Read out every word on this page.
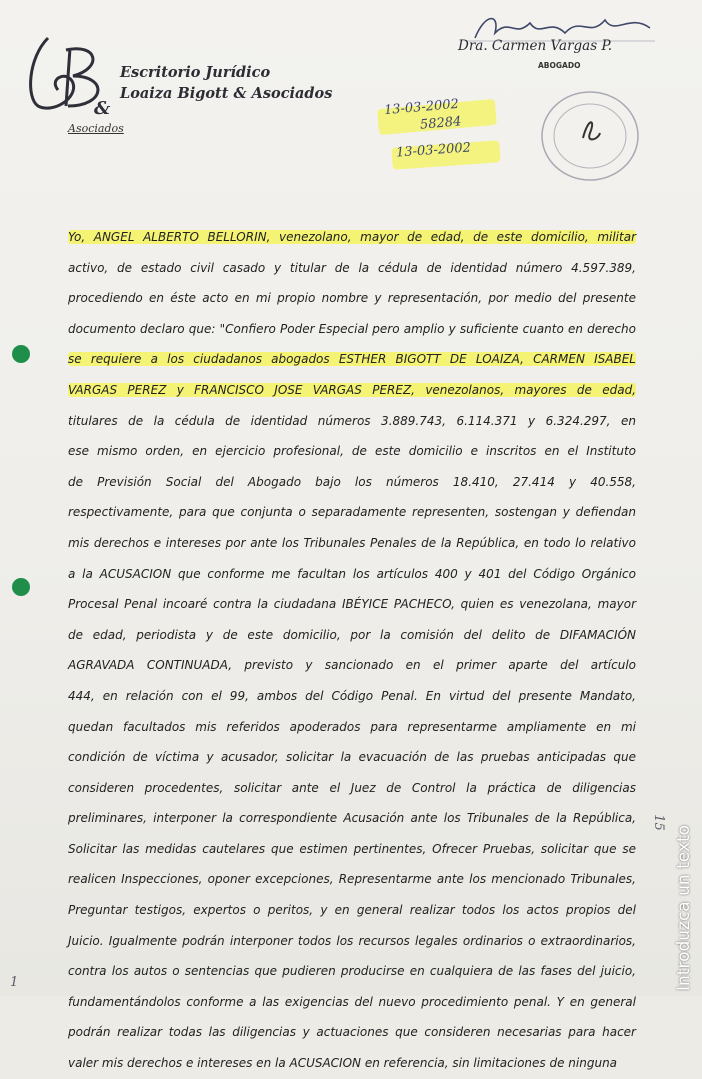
&
Escritorio Jurídico
Loaiza Bigott & Asociados
Asociados
Dra. Carmen Vargas P.
ABOGADO
13-03-2002
58284
13-03-2002
Yo, ANGEL ALBERTO BELLORIN, venezolano, mayor de edad, de este domicilio, militar
activo, de estado civil casado y titular de la cédula de identidad número 4.597.389,
procediendo en éste acto en mi propio nombre y representación, por medio del presente
documento declaro que: "Confiero Poder Especial pero amplio y suficiente cuanto en derecho
se requiere a los ciudadanos abogados ESTHER BIGOTT DE LOAIZA, CARMEN ISABEL
VARGAS PEREZ y FRANCISCO JOSE VARGAS PEREZ, venezolanos, mayores de edad,
titulares de la cédula de identidad números 3.889.743, 6.114.371 y 6.324.297, en
ese mismo orden, en ejercicio profesional, de este domicilio e inscritos en el Instituto
de Previsión Social del Abogado bajo los números 18.410, 27.414 y 40.558,
respectivamente, para que conjunta o separadamente representen, sostengan y defiendan
mis derechos e intereses por ante los Tribunales Penales de la República, en todo lo relativo
a la ACUSACION que conforme me facultan los artículos 400 y 401 del Código Orgánico
Procesal Penal incoaré contra la ciudadana IBÉYICE PACHECO, quien es venezolana, mayor
de edad, periodista y de este domicilio, por la comisión del delito de DIFAMACIÓN
AGRAVADA CONTINUADA, previsto y sancionado en el primer aparte del artículo
444, en relación con el 99, ambos del Código Penal. En virtud del presente Mandato,
quedan facultados mis referidos apoderados para representarme ampliamente en mi
condición de víctima y acusador, solicitar la evacuación de las pruebas anticipadas que
consideren procedentes, solicitar ante el Juez de Control la práctica de diligencias
preliminares, interponer la correspondiente Acusación ante los Tribunales de la República,
Solicitar las medidas cautelares que estimen pertinentes, Ofrecer Pruebas, solicitar que se
realicen Inspecciones, oponer excepciones, Representarme ante los mencionado Tribunales,
Preguntar testigos, expertos o peritos, y en general realizar todos los actos propios del
Juicio. Igualmente podrán interponer todos los recursos legales ordinarios o extraordinarios,
contra los autos o sentencias que pudieren producirse en cualquiera de las fases del juicio,
fundamentándolos conforme a las exigencias del nuevo procedimiento penal. Y en general
podrán realizar todas las diligencias y actuaciones que consideren necesarias para hacer
valer mis derechos e intereses en la ACUSACION en referencia, sin limitaciones de ninguna
15
1	Introduzca un texto
